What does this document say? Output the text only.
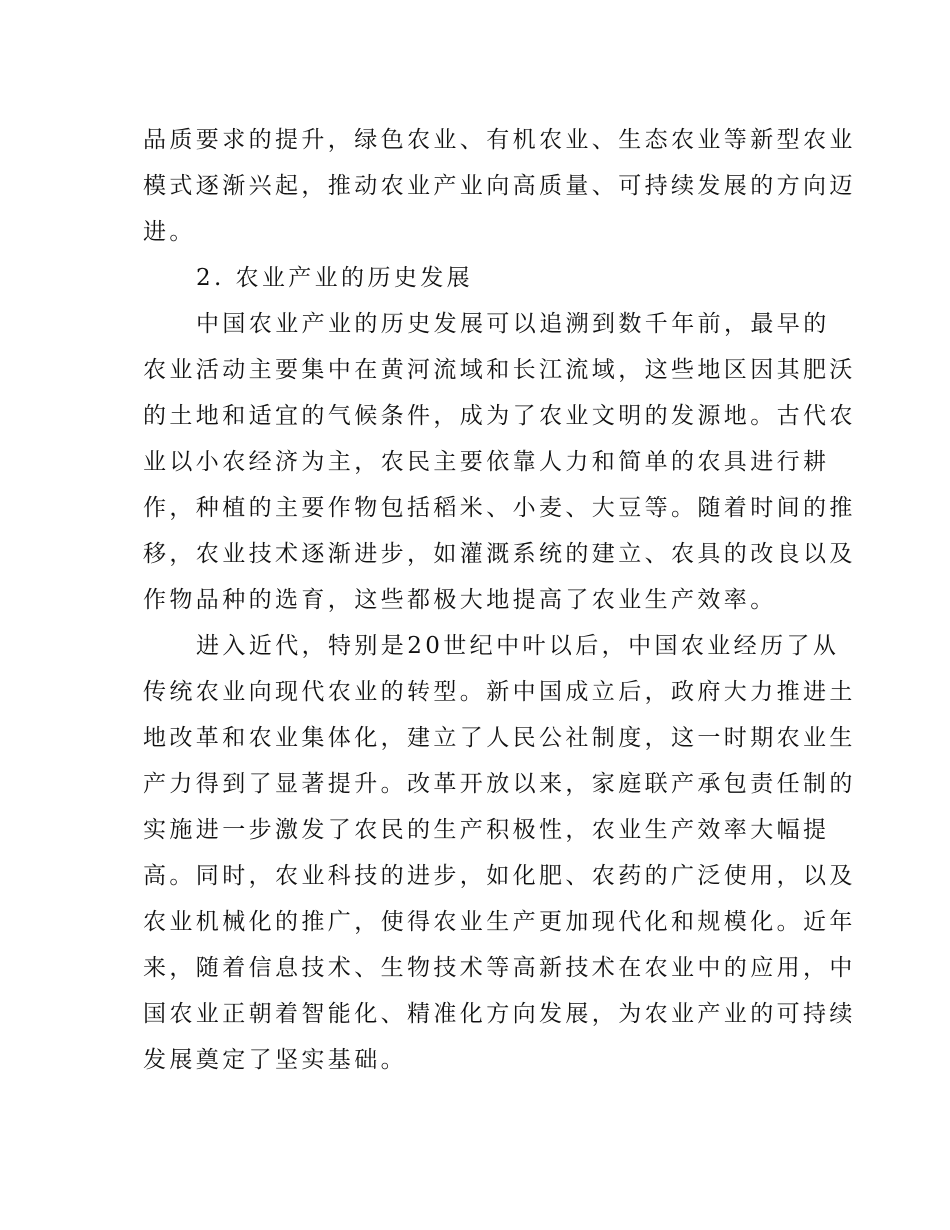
品质要求的提升，绿色农业、有机农业、生态农业等新型农业
模式逐渐兴起，推动农业产业向高质量、可持续发展的方向迈
进。
2. 农业产业的历史发展
中国农业产业的历史发展可以追溯到数千年前，最早的
农业活动主要集中在黄河流域和长江流域，这些地区因其肥沃
的土地和适宜的气候条件，成为了农业文明的发源地。古代农
业以小农经济为主，农民主要依靠人力和简单的农具进行耕
作，种植的主要作物包括稻米、小麦、大豆等。随着时间的推
移，农业技术逐渐进步，如灌溉系统的建立、农具的改良以及
作物品种的选育，这些都极大地提高了农业生产效率。
进入近代，特别是20世纪中叶以后，中国农业经历了从
传统农业向现代农业的转型。新中国成立后，政府大力推进土
地改革和农业集体化，建立了人民公社制度，这一时期农业生
产力得到了显著提升。改革开放以来，家庭联产承包责任制的
实施进一步激发了农民的生产积极性，农业生产效率大幅提
高。同时，农业科技的进步，如化肥、农药的广泛使用，以及
农业机械化的推广，使得农业生产更加现代化和规模化。近年
来，随着信息技术、生物技术等高新技术在农业中的应用，中
国农业正朝着智能化、精准化方向发展，为农业产业的可持续
发展奠定了坚实基础。
